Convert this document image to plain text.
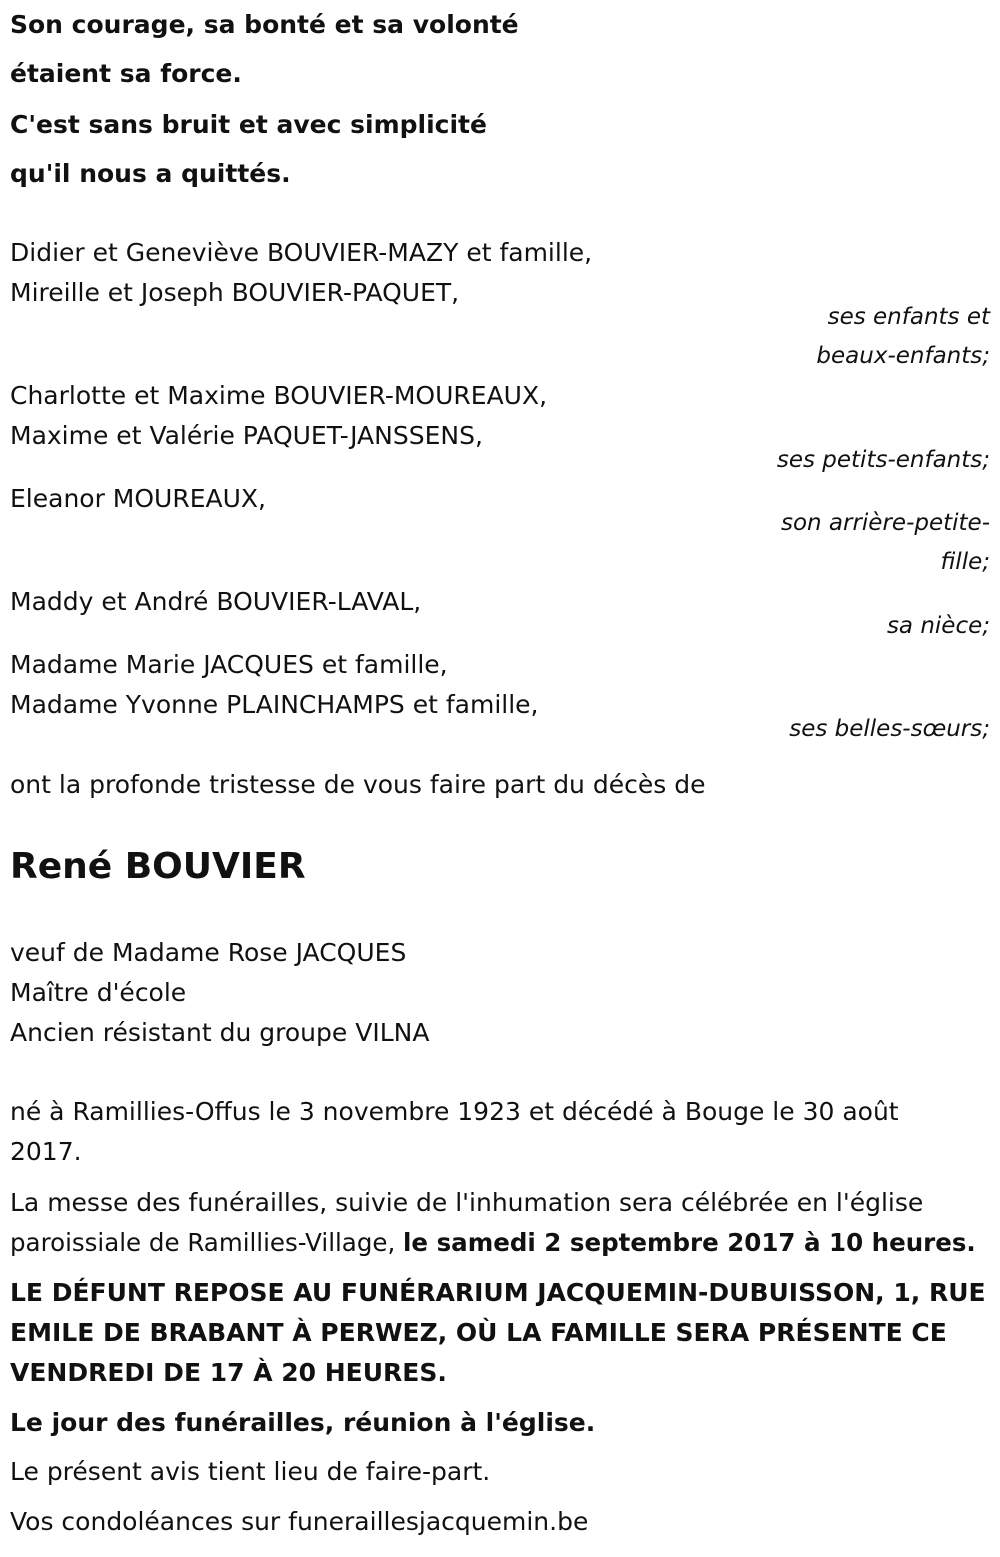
Son courage, sa bonté et sa volonté
étaient sa force.
C'est sans bruit et avec simplicité
qu'il nous a quittés.
Didier et Geneviève BOUVIER-MAZY et famille,
Mireille et Joseph BOUVIER-PAQUET,
ses enfants et
beaux-enfants;
Charlotte et Maxime BOUVIER-MOUREAUX,
Maxime et Valérie PAQUET-JANSSENS,
ses petits-enfants;
Eleanor MOUREAUX,
son arrière-petite-
fille;
Maddy et André BOUVIER-LAVAL,
sa nièce;
Madame Marie JACQUES et famille,
Madame Yvonne PLAINCHAMPS et famille,
ses belles-sœurs;
ont la profonde tristesse de vous faire part du décès de
René BOUVIER
veuf de Madame Rose JACQUES
Maître d'école
Ancien résistant du groupe VILNA
né à Ramillies-Offus le 3 novembre 1923 et décédé à Bouge le 30 août
2017.
La messe des funérailles, suivie de l'inhumation sera célébrée en l'église
paroissiale de Ramillies-Village, le samedi 2 septembre 2017 à 10 heures.
LE DÉFUNT REPOSE AU FUNÉRARIUM JACQUEMIN-DUBUISSON, 1, RUE
EMILE DE BRABANT À PERWEZ, OÙ LA FAMILLE SERA PRÉSENTE CE
VENDREDI DE 17 À 20 HEURES.
Le jour des funérailles, réunion à l'église.
Le présent avis tient lieu de faire-part.
Vos condoléances sur funeraillesjacquemin.be
